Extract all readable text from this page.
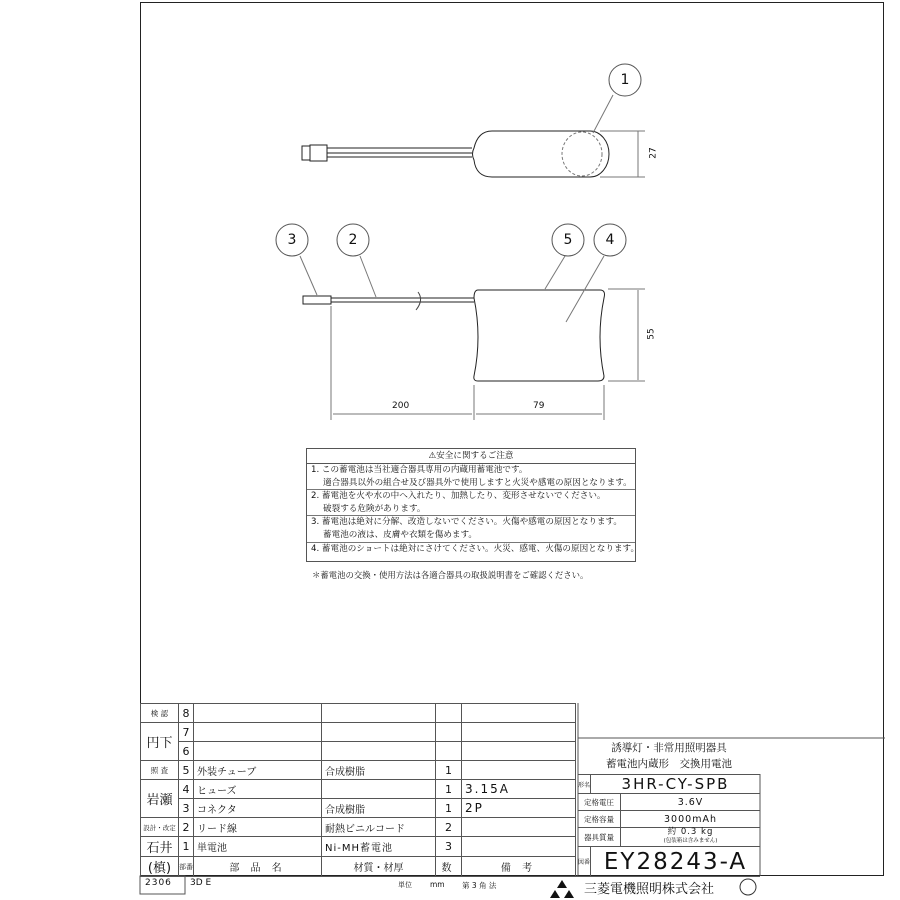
1
2
3	4
5
27
55
200	79
⚠安全に関するご注意
1. この蓄電池は当社適合器具専用の内蔵用蓄電池です。
適合器具以外の組合せ及び器具外で使用しますと火災や感電の原因となります。
2. 蓄電池を火や水の中へ入れたり、加熱したり、変形させないでください。
破裂する危険があります。
3. 蓄電池は絶対に分解、改造しないでください。火傷や感電の原因となります。
蓄電池の液は、皮膚や衣類を傷めます。
4. 蓄電池のショートは絶対にさけてください。火災、感電、火傷の原因となります。
＊蓄電池の交換・使用方法は各適合器具の取扱説明書をご確認ください。
検 認	8				
円下	7				
	6				
照 査	5	外装チューブ	合成樹脂	1	
岩瀬	4	ヒューズ		1	3.15A
	3	コネクタ	合成樹脂	1	2P
設計・改定	2	リード線	耐熱ビニルコード	2	
石井	1	単電池	Ni-MH蓄電池	3	
(槙)	部番	部 品 名	材質・材厚	数	備 考
誘導灯・非常用照明器具
蓄電池内蔵形　交換用電池
形名	3HR-CY-SPB
定格電圧	3.6V
定格容量	3000mAh
器具質量	約 0.3 kg
(包装箱は含みません)
図番 EY28243-A
2306 3D E	単位 mm 第 3 角 法	三菱電機照明株式会社
